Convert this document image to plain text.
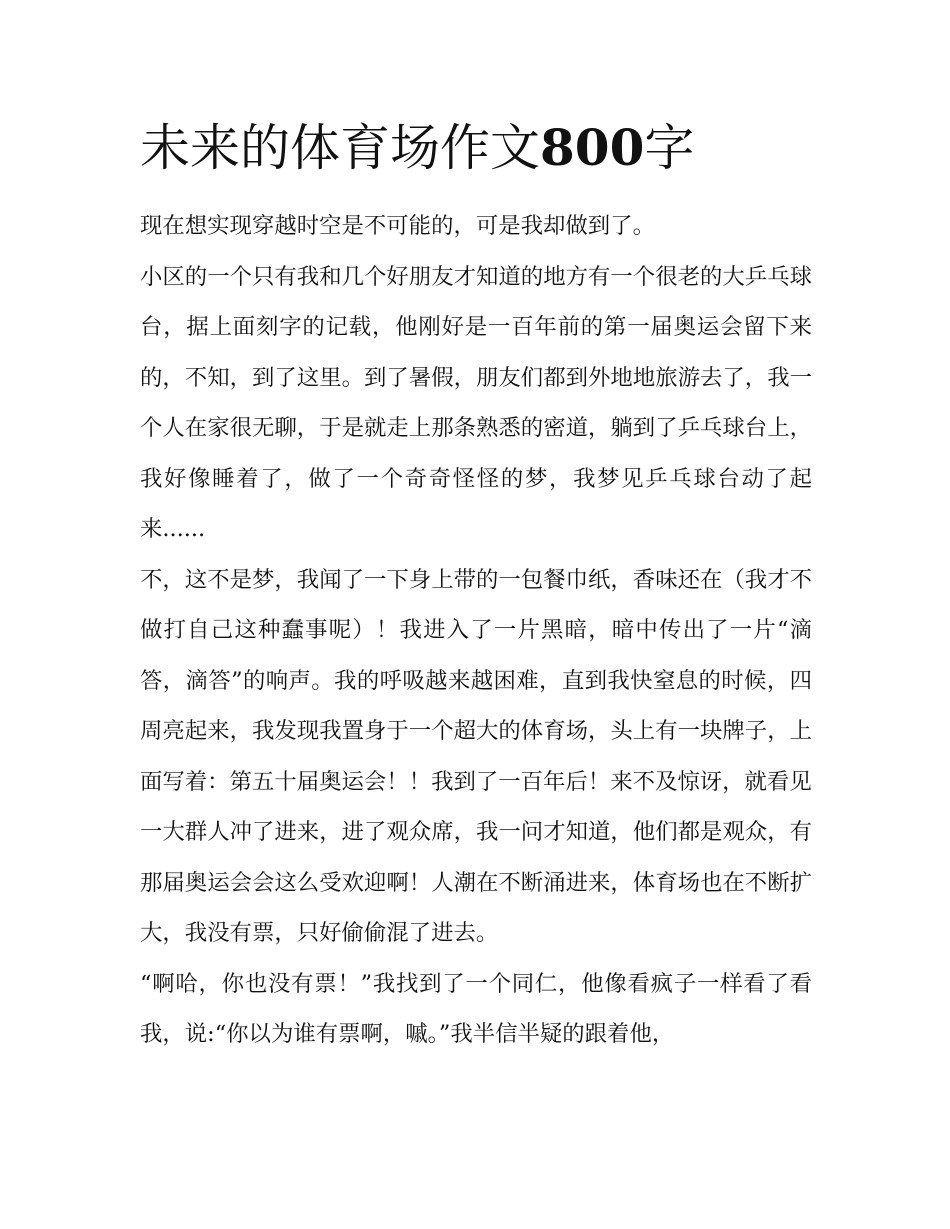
未来的体育场作文800字

现在想实现穿越时空是不可能的，可是我却做到了。

小区的一个只有我和几个好朋友才知道的地方有一个很老的大乒乓球台，据上面刻字的记载，他刚好是一百年前的第一届奥运会留下来的，不知，到了这里。到了暑假，朋友们都到外地地旅游去了，我一个人在家很无聊，于是就走上那条熟悉的密道，躺到了乒乓球台上，我好像睡着了，做了一个奇奇怪怪的梦，我梦见乒乓球台动了起来......

不，这不是梦，我闻了一下身上带的一包餐巾纸，香味还在（我才不做打自己这种蠢事呢）！我进入了一片黑暗，暗中传出了一片“滴答，滴答”的响声。我的呼吸越来越困难，直到我快窒息的时候，四周亮起来，我发现我置身于一个超大的体育场，头上有一块牌子，上面写着：第五十届奥运会！！我到了一百年后！来不及惊讶，就看见

一大群人冲了进来，进了观众席，我一问才知道，他们都是观众，有那届奥运会会这么受欢迎啊！人潮在不断涌进来，体育场也在不断扩大，我没有票，只好偷偷混了进去。

“啊哈，你也没有票！”我找到了一个同仁，他像看疯子一样看了看我，说:“你以为谁有票啊，嘁。”我半信半疑的跟着他，
